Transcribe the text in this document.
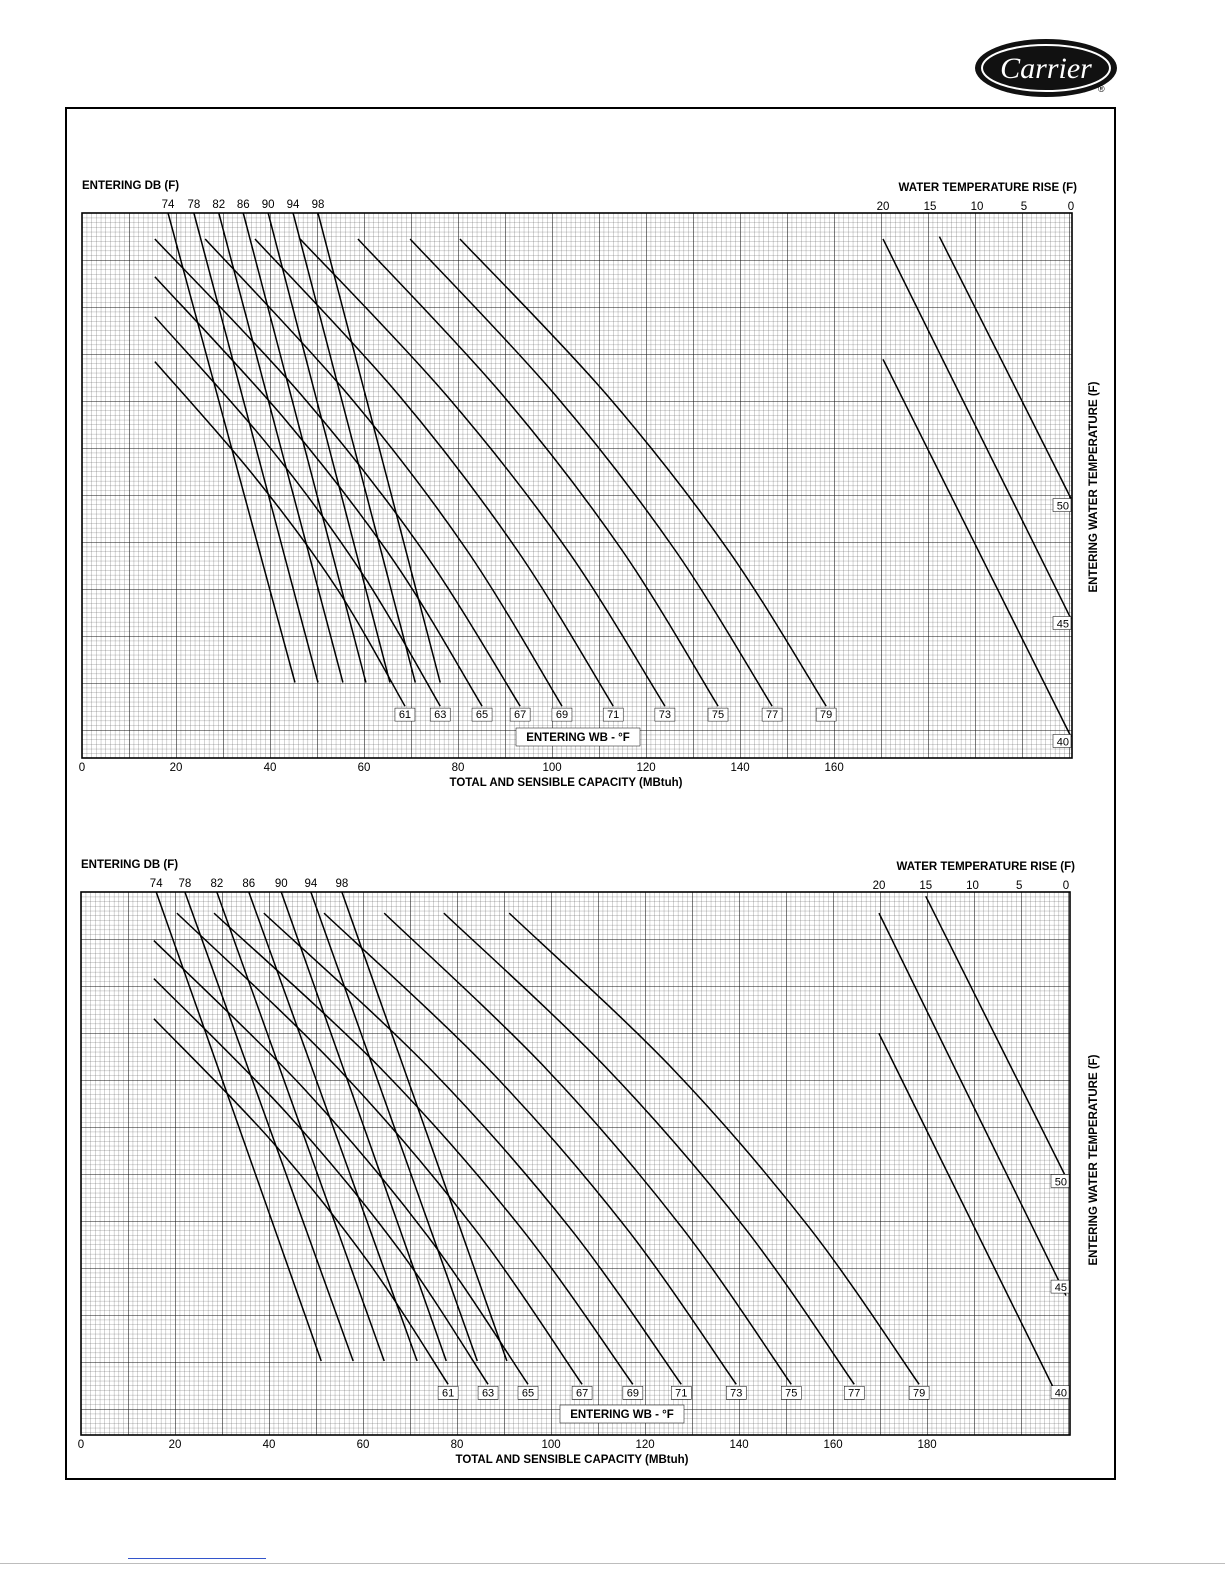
Carrier
®
74 78 82 86 90 94 98
61 63	65 67	69	71	73	75	77	79
0	20	40	60	80	100	120	140	160
20	15	10	5	0
50
45
40
ENTERING DB (F)	WATER TEMPERATURE RISE (F)
TOTAL AND SENSIBLE CAPACITY (MBtuh)
ENTERING WATER TEMPERATURE (F)
ENTERING WB - °F
74 78 82 86 90 94 98
61	63	65	67	69	71	73	75	77	79
0	20	40	60	80	100	120	140	160	180
20	15	10	5	0
50
45
40
ENTERING DB (F)	WATER TEMPERATURE RISE (F)
TOTAL AND SENSIBLE CAPACITY (MBtuh)
ENTERING WATER TEMPERATURE (F)
ENTERING WB - °F
